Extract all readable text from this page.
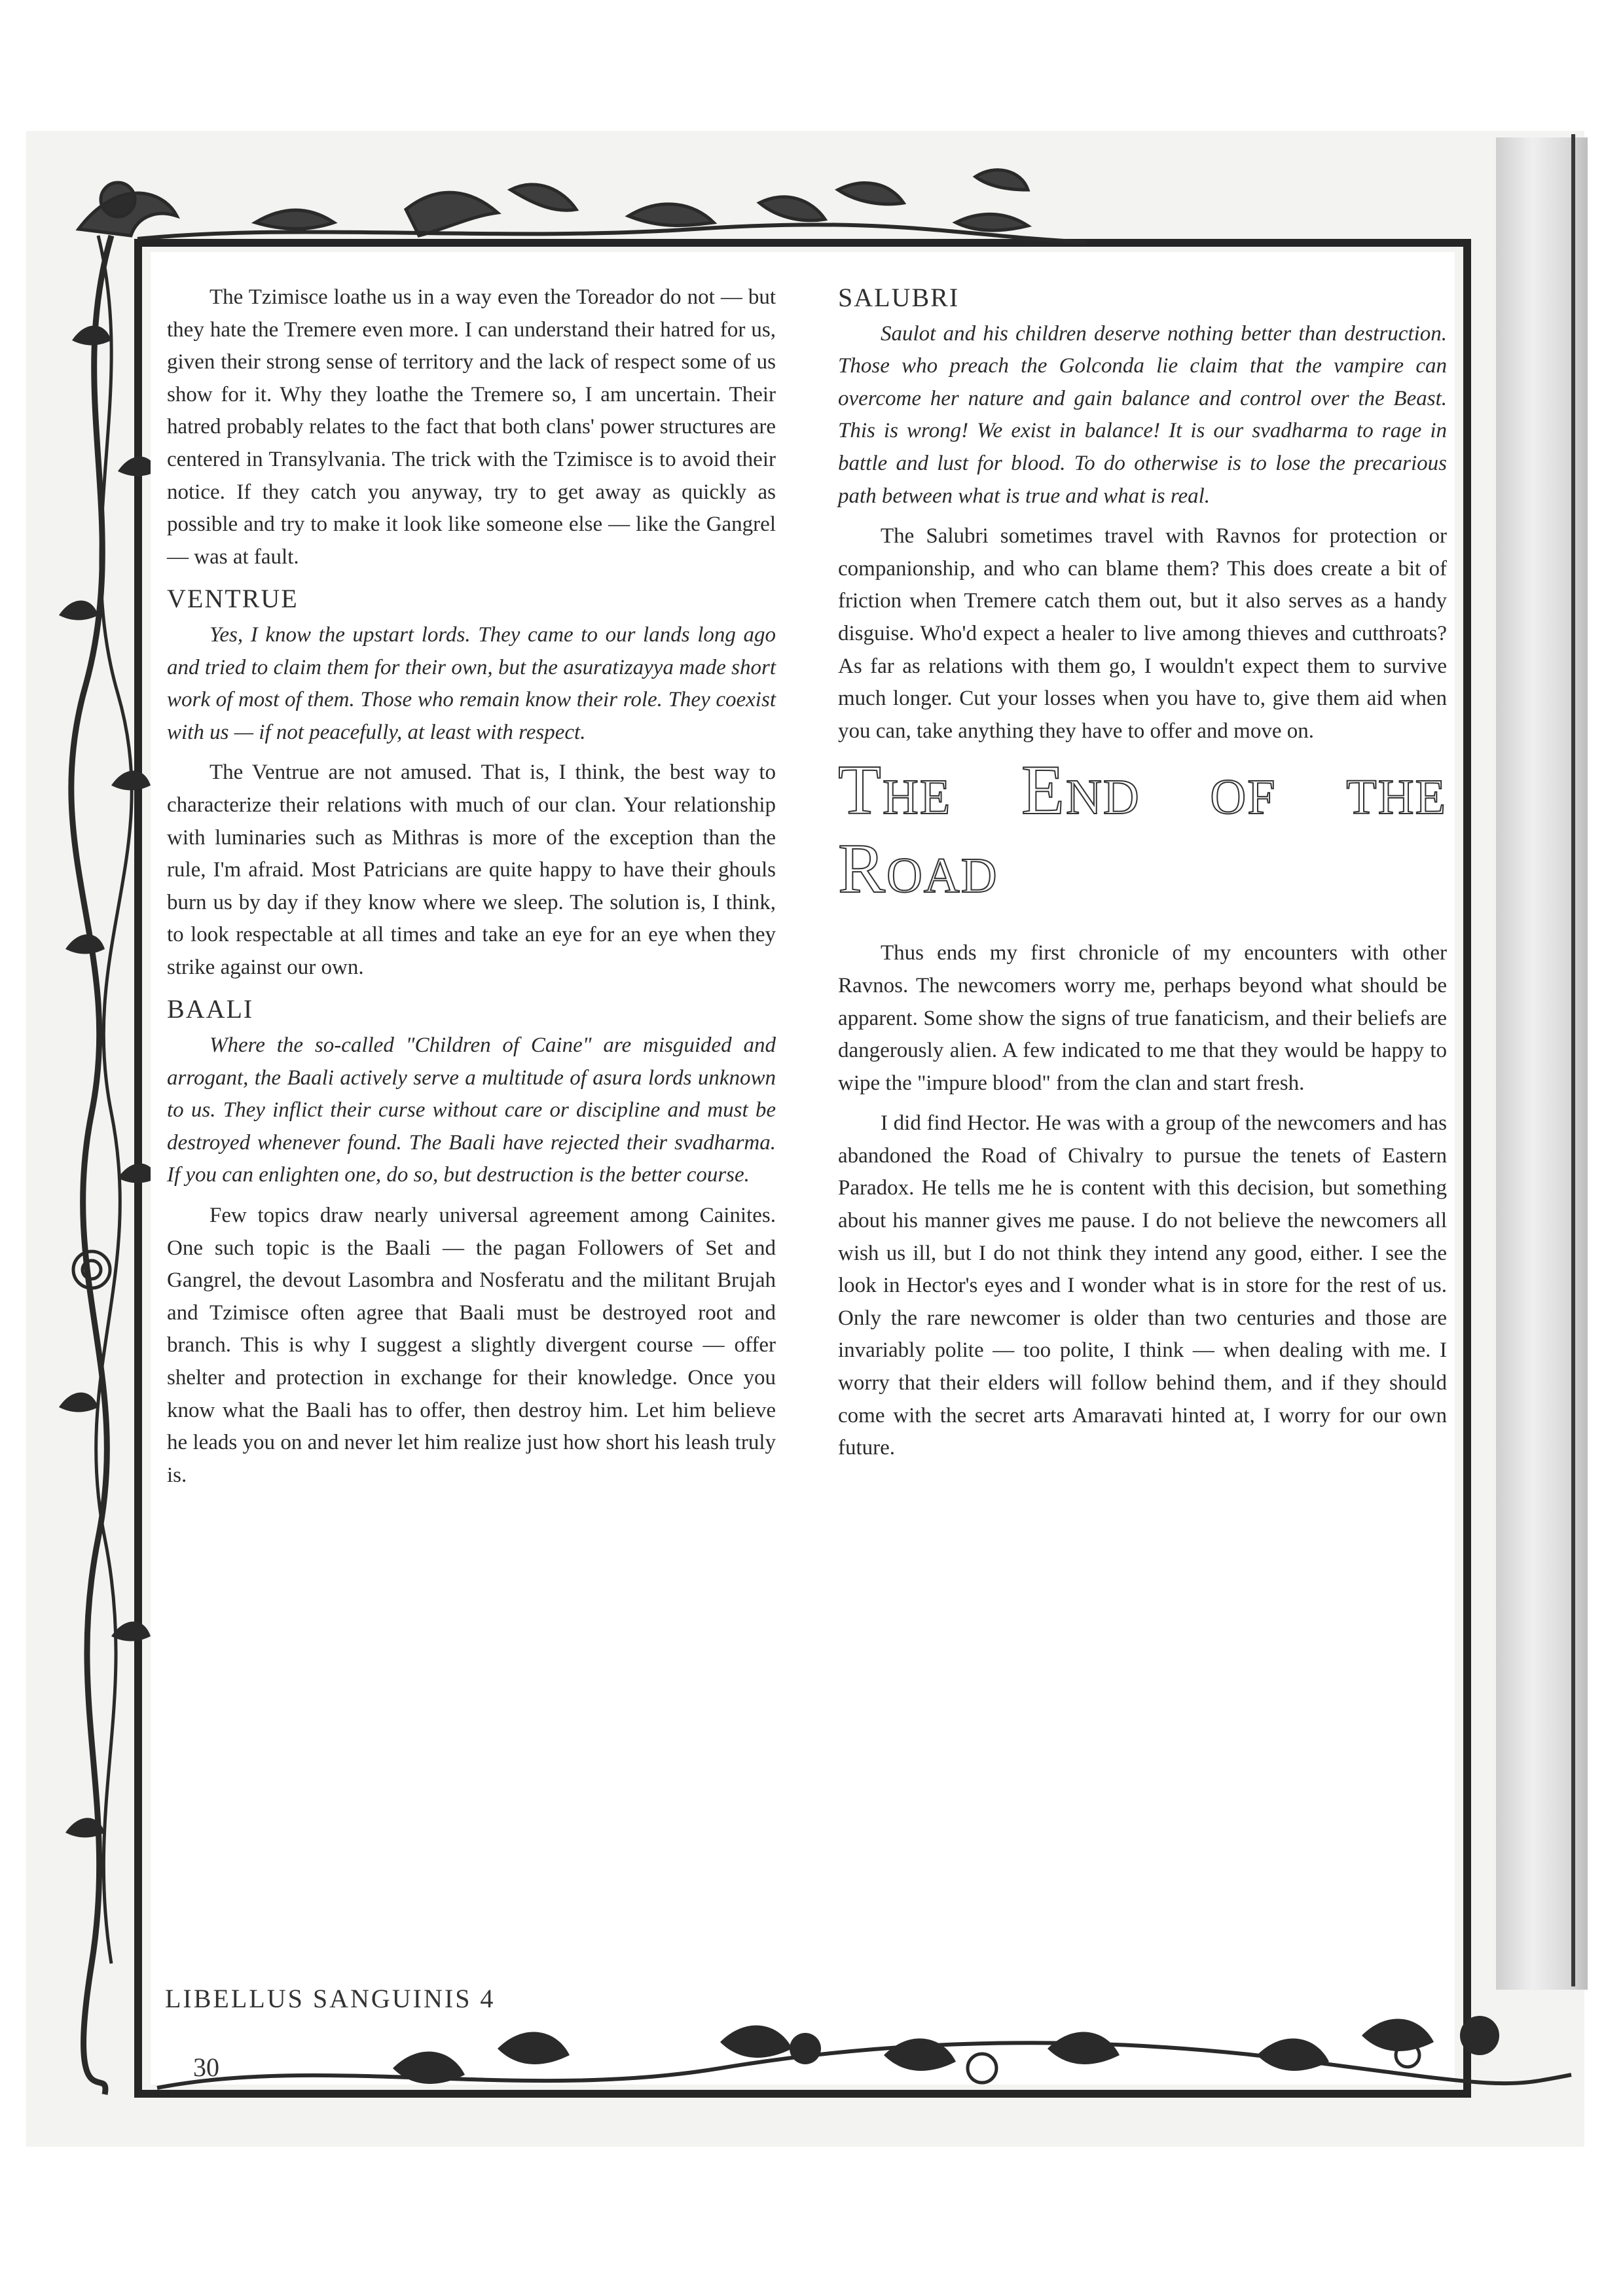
The Tzimisce loathe us in a way even the Toreador do not — but they hate the Tremere even more. I can understand their hatred for us, given their strong sense of territory and the lack of respect some of us show for it. Why they loathe the Tremere so, I am uncertain. Their hatred probably relates to the fact that both clans' power structures are centered in Transylvania. The trick with the Tzimisce is to avoid their notice. If they catch you anyway, try to get away as quickly as possible and try to make it look like someone else — like the Gangrel — was at fault.

VENTRUE

Yes, I know the upstart lords. They came to our lands long ago and tried to claim them for their own, but the asuratizayya made short work of most of them. Those who remain know their role. They coexist with us — if not peacefully, at least with respect.

The Ventrue are not amused. That is, I think, the best way to characterize their relations with much of our clan. Your relationship with luminaries such as Mithras is more of the exception than the rule, I'm afraid. Most Patricians are quite happy to have their ghouls burn us by day if they know where we sleep. The solution is, I think, to look respectable at all times and take an eye for an eye when they strike against our own.

BAALI

Where the so-called "Children of Caine" are misguided and arrogant, the Baali actively serve a multitude of asura lords unknown to us. They inflict their curse without care or discipline and must be destroyed whenever found. The Baali have rejected their svadharma. If you can enlighten one, do so, but destruction is the better course.

Few topics draw nearly universal agreement among Cainites. One such topic is the Baali — the pagan Followers of Set and Gangrel, the devout Lasombra and Nosferatu and the militant Brujah and Tzimisce often agree that Baali must be destroyed root and branch. This is why I suggest a slightly divergent course — offer shelter and protection in exchange for their knowledge. Once you know what the Baali has to offer, then destroy him. Let him believe he leads you on and never let him realize just how short his leash truly is.

SALUBRI

Saulot and his children deserve nothing better than destruction. Those who preach the Golconda lie claim that the vampire can overcome her nature and gain balance and control over the Beast. This is wrong! We exist in balance! It is our svadharma to rage in battle and lust for blood. To do otherwise is to lose the precarious path between what is true and what is real.

The Salubri sometimes travel with Ravnos for protection or companionship, and who can blame them? This does create a bit of friction when Tremere catch them out, but it also serves as a handy disguise. Who'd expect a healer to live among thieves and cutthroats? As far as relations with them go, I wouldn't expect them to survive much longer. Cut your losses when you have to, give them aid when you can, take anything they have to offer and move on.

The End of the Road

Thus ends my first chronicle of my encounters with other Ravnos. The newcomers worry me, perhaps beyond what should be apparent. Some show the signs of true fanaticism, and their beliefs are dangerously alien. A few indicated to me that they would be happy to wipe the "impure blood" from the clan and start fresh.

I did find Hector. He was with a group of the newcomers and has abandoned the Road of Chivalry to pursue the tenets of Eastern Paradox. He tells me he is content with this decision, but something about his manner gives me pause. I do not believe the newcomers all wish us ill, but I do not think they intend any good, either. I see the look in Hector's eyes and I wonder what is in store for the rest of us. Only the rare newcomer is older than two centuries and those are invariably polite — too polite, I think — when dealing with me. I worry that their elders will follow behind them, and if they should come with the secret arts Amaravati hinted at, I worry for our own future.

LIBELLUS SANGUINIS 4
30
